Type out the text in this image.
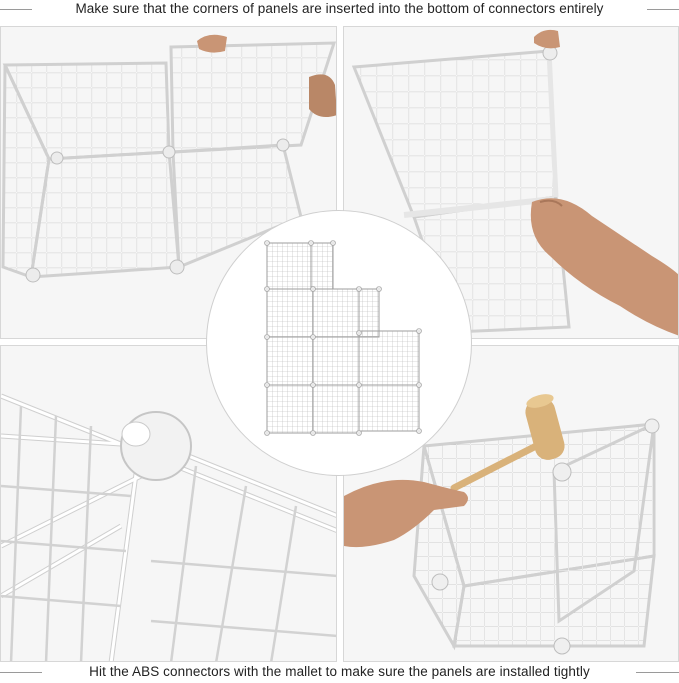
Make sure that the corners of panels are inserted into the bottom of connectors entirely
Hit the ABS connectors with the mallet to make sure the panels are installed tightly
